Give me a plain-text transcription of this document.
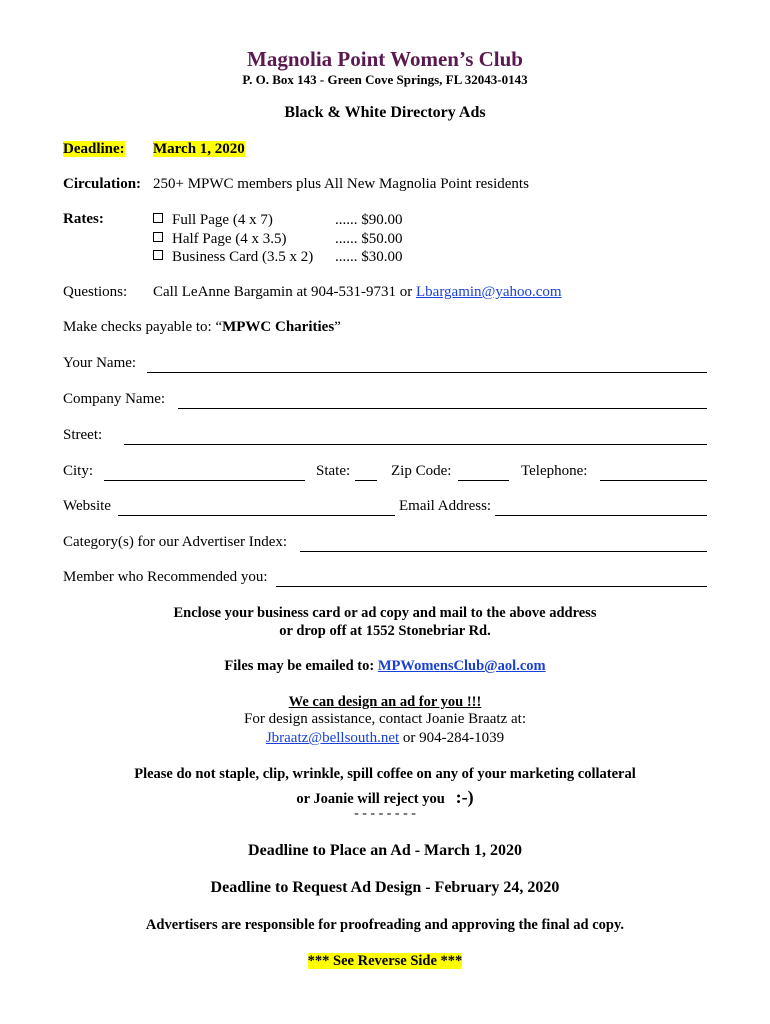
Magnolia Point Women’s Club
P. O. Box 143 - Green Cove Springs, FL 32043-0143
Black & White Directory Ads
Deadline: March 1, 2020
Circulation: 250+ MPWC members plus All New Magnolia Point residents
Rates:	Full Page (4 x 7)	...... $90.00
Half Page (4 x 3.5)	...... $50.00
Business Card (3.5 x 2) ...... $30.00
Questions: Call LeAnne Bargamin at 904-531-9731 or Lbargamin@yahoo.com
Make checks payable to: “MPWC Charities”
Your Name:
Company Name:
Street:
City:	State:	Zip Code:	Telephone:
Website	Email Address:
Category(s) for our Advertiser Index:
Member who Recommended you:
Enclose your business card or ad copy and mail to the above address
or drop off at 1552 Stonebriar Rd.
Files may be emailed to: MPWomensClub@aol.com
We can design an ad for you !!!
For design assistance, contact Joanie Braatz at:
Jbraatz@bellsouth.net or 904-284-1039
Please do not staple, clip, wrinkle, spill coffee on any of your marketing collateral
or Joanie will reject you :-)
- - - - - - - -
Deadline to Place an Ad - March 1, 2020
Deadline to Request Ad Design - February 24, 2020
Advertisers are responsible for proofreading and approving the final ad copy.
*** See Reverse Side ***
